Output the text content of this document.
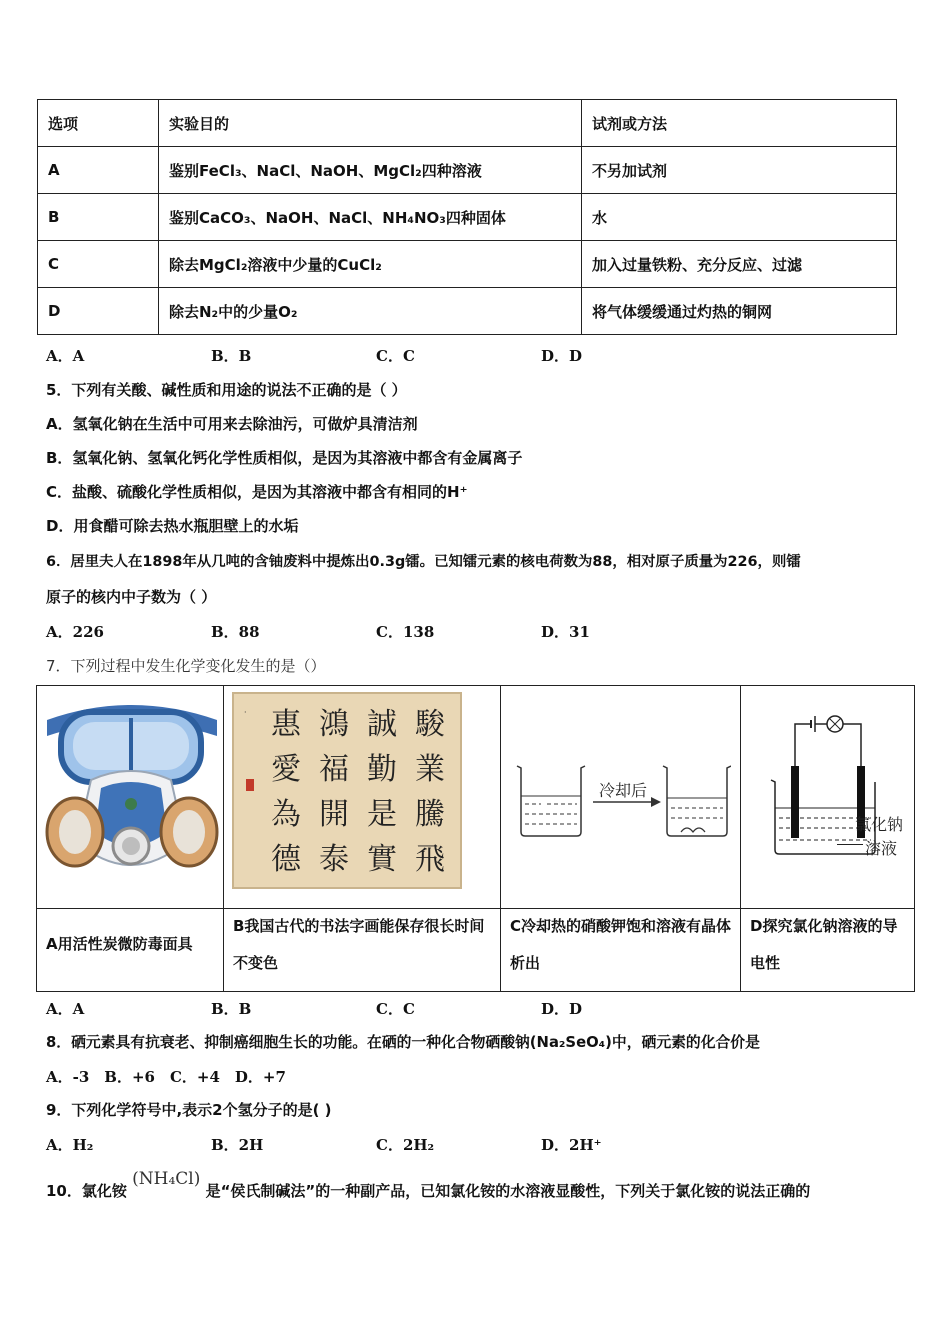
选项	实验目的	试剂或方法
A	鉴别FeCl₃、NaCl、NaOH、MgCl₂四种溶液	不另加试剂
B	鉴别CaCO₃、NaOH、NaCl、NH₄NO₃四种固体	水
C	除去MgCl₂溶液中少量的CuCl₂	加入过量铁粉、充分反应、过滤
D	除去N₂中的少量O₂	将气体缓缓通过灼热的铜网
A．A	B．B	C．C	D．D
5．下列有关酸、碱性质和用途的说法不正确的是（ ）
A．氢氧化钠在生活中可用来去除油污，可做炉具清洁剂
B．氢氧化钠、氢氧化钙化学性质相似，是因为其溶液中都含有金属离子
C．盐酸、硫酸化学性质相似，是因为其溶液中都含有相同的H⁺
D．用食醋可除去热水瓶胆壁上的水垢
6．居里夫人在1898年从几吨的含铀废料中提炼出0.3g镭。已知镭元素的核电荷数为88，相对原子质量为226，则镭
原子的核内中子数为（ ）
A．226	B．88	C．138	D．31
7．下列过程中发生化学变化发生的是（）
· 惠愛為德
鴻福開泰
誠勤是實
駿業騰飛
冷却后
氯化钠
溶液
A用活性炭微防毒面具
B我国古代的书法字画能保存很长时间不变色
C冷却热的硝酸钾饱和溶液有晶体析出
D探究氯化钠溶液的导电性
A．A	B．B	C．C	D．D
8．硒元素具有抗衰老、抑制癌细胞生长的功能。在硒的一种化合物硒酸钠(Na₂SeO₄)中，硒元素的化合价是
A．-3　B．+6　C．+4　D．+7
9．下列化学符号中,表示2个氢分子的是( )
A．H₂	B．2H	C．2H₂	D．2H⁺
10．氯化铵 (NH₄Cl) 是“侯氏制碱法”的一种副产品，已知氯化铵的水溶液显酸性，下列关于氯化铵的说法正确的
